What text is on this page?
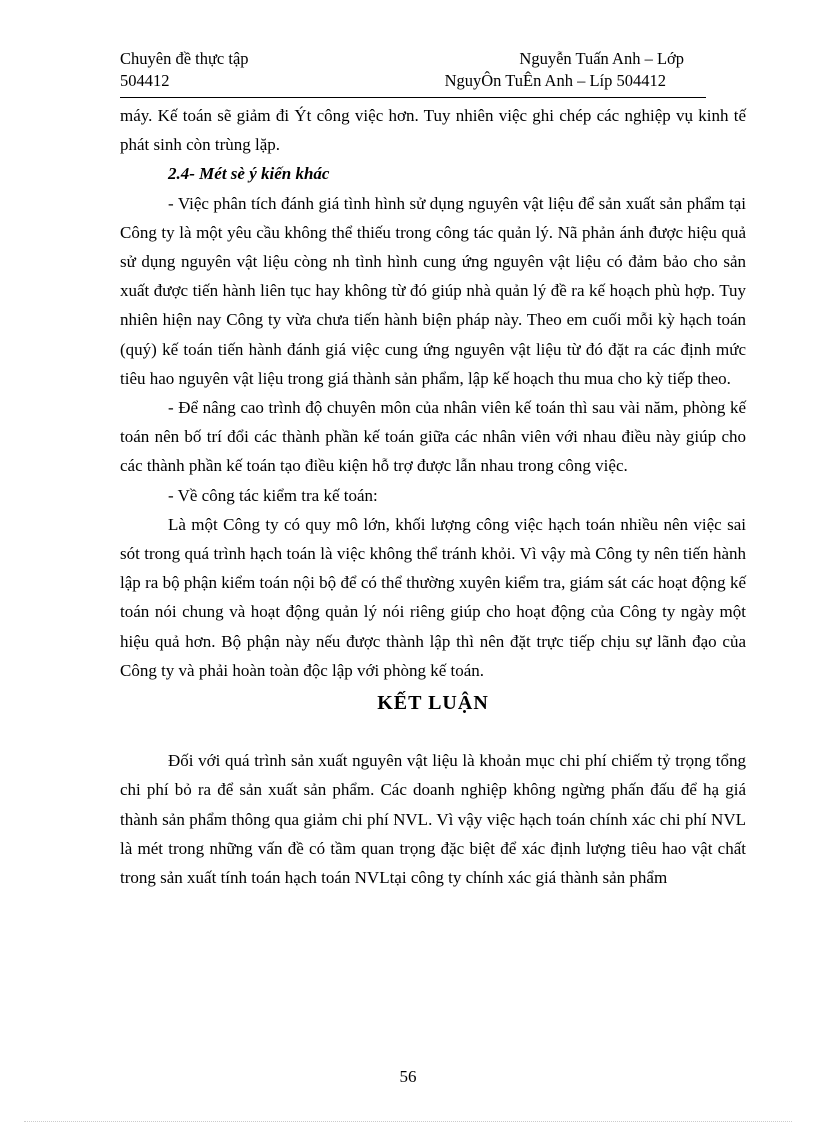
Chuyên đề thực tập	Nguyễn Tuấn Anh – Lớp
504412	NguyÔn TuÊn Anh – Líp 504412

máy. Kế toán sẽ giảm đi Ýt công việc hơn. Tuy nhiên việc ghi chép các nghiệp vụ kinh tế phát sinh còn trùng lặp.

2.4- Mét sè ý kiến khác

- Việc phân tích đánh giá tình hình sử dụng nguyên vật liệu để sản xuất sản phẩm tại Công ty là một yêu cầu không thể thiếu trong công tác quản lý. Nã phản ánh được hiệu quả sử dụng nguyên vật liệu còng nh tình hình cung ứng nguyên vật liệu có đảm bảo cho sản xuất được tiến hành liên tục hay không từ đó giúp nhà quản lý đề ra kế hoạch phù hợp. Tuy nhiên hiện nay Công ty vừa chưa tiến hành biện pháp này. Theo em cuối mỗi kỳ hạch toán (quý) kế toán tiến hành đánh giá việc cung ứng nguyên vật liệu từ đó đặt ra các định mức tiêu hao nguyên vật liệu trong giá thành sản phẩm, lập kế hoạch thu mua cho kỳ tiếp theo.

- Để nâng cao trình độ chuyên môn của nhân viên kế toán thì sau vài năm, phòng kế toán nên bố trí đổi các thành phần kế toán giữa các nhân viên với nhau điều này giúp cho các thành phần kế toán tạo điều kiện hỗ trợ được lẫn nhau trong công việc.

- Về công tác kiểm tra kế toán:

Là một Công ty có quy mô lớn, khối lượng công việc hạch toán nhiều nên việc sai sót trong quá trình hạch toán là việc không thể tránh khỏi. Vì vậy mà Công ty nên tiến hành lập ra bộ phận kiểm toán nội bộ để có thể thường xuyên kiểm tra, giám sát các hoạt động kế toán nói chung và hoạt động quản lý nói riêng giúp cho hoạt động của Công ty ngày một hiệu quả hơn. Bộ phận này nếu được thành lập thì nên đặt trực tiếp chịu sự lãnh đạo của Công ty và phải hoàn toàn độc lập với phòng kế toán.

KẾT LUẬN

Đối với quá trình sản xuất nguyên vật liệu là khoản mục chi phí chiếm tỷ trọng tổng chi phí bỏ ra để sản xuất sản phẩm. Các doanh nghiệp không ngừng phấn đấu để hạ giá thành sản phẩm thông qua giảm chi phí NVL. Vì vậy việc hạch toán chính xác chi phí NVL là mét trong những vấn đề có tầm quan trọng đặc biệt để xác định lượng tiêu hao vật chất trong sản xuất tính toán hạch toán NVLtại công ty chính xác giá thành sản phẩm

56
